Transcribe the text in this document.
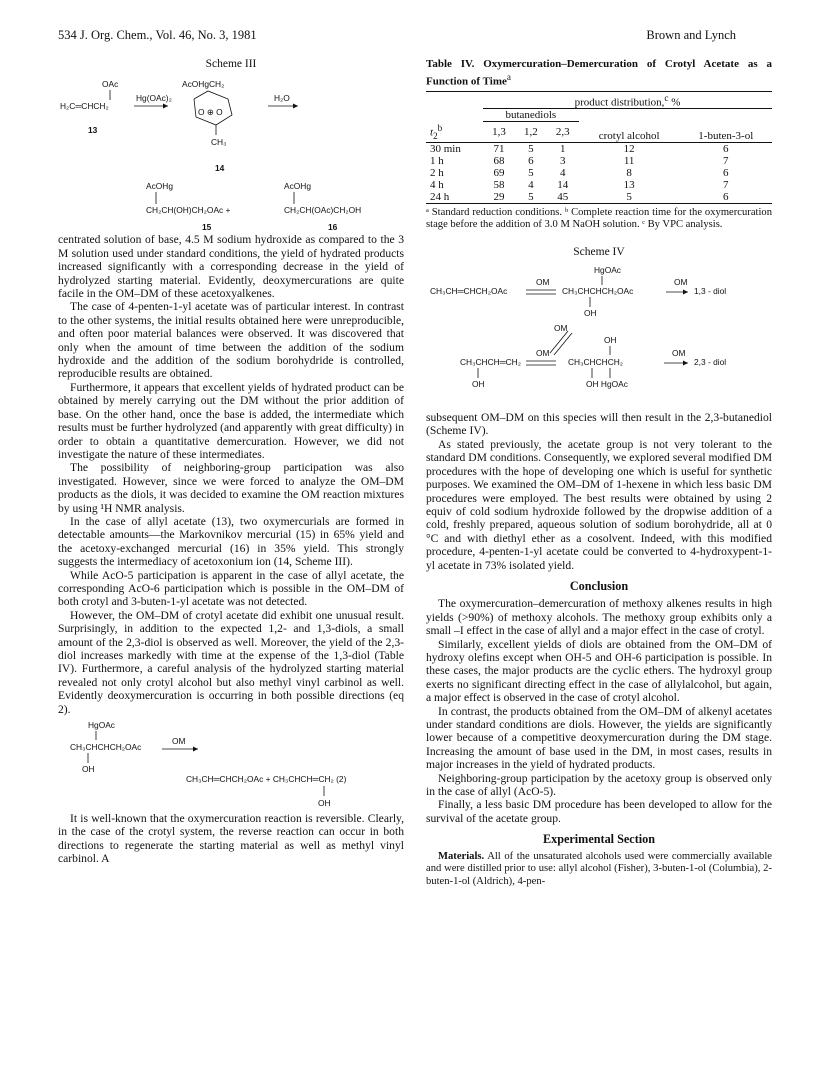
534 J. Org. Chem., Vol. 46, No. 3, 1981	Brown and Lynch
Scheme III
OAc
H₂C═CHCH₂
13
Hg(OAc)₂
AcOHgCH₂
O ⊕ O
CH₃
H₂O
14
AcOHg
CH₂CH(OH)CH₂OAc +
AcOHg
CH₂CH(OAc)CH₂OH
15	16

centrated solution of base, 4.5 M sodium hydroxide as compared to the 3 M solution used under standard conditions, the yield of hydrated products increased significantly with a corresponding decrease in the yield of hydrolyzed starting material. Evidently, deoxymercurations are quite facile in the OM–DM of these acetoxyalkenes.

The case of 4-penten-1-yl acetate was of particular interest. In contrast to the other systems, the initial results obtained here were unreproducible, and often poor material balances were observed. It was discovered that only when the amount of time between the addition of the sodium hydroxide and the addition of the sodium borohydride is controlled, reproducible results are obtained.

Furthermore, it appears that excellent yields of hydrated product can be obtained by merely carrying out the DM without the prior addition of base. On the other hand, once the base is added, the intermediate which results must be further hydrolyzed (and apparently with great difficulty) in order to obtain a quantitative demercuration. However, we did not investigate the nature of these intermediates.

The possibility of neighboring-group participation was also investigated. However, since we were forced to analyze the OM–DM products as the diols, it was decided to examine the OM reaction mixtures by using ¹H NMR analysis.

In the case of allyl acetate (13), two oxymercurials are formed in detectable amounts—the Markovnikov mercurial (15) in 65% yield and the acetoxy-exchanged mercurial (16) in 35% yield. This strongly suggests the intermediacy of acetoxonium ion (14, Scheme III).

While AcO-5 participation is apparent in the case of allyl acetate, the corresponding AcO-6 participation which is possible in the OM–DM of both crotyl and 3-buten-1-yl acetate was not detected.

However, the OM–DM of crotyl acetate did exhibit one unusual result. Surprisingly, in addition to the expected 1,2- and 1,3-diols, a small amount of the 2,3-diol is observed as well. Moreover, the yield of the 2,3-diol increases markedly with time at the expense of the 1,3-diol (Table IV). Furthermore, a careful analysis of the hydrolyzed starting material revealed not only crotyl alcohol but also methyl vinyl carbinol as well. Evidently deoxymercuration is occurring in both possible directions (eq 2).

HgOAc
CH₃CHCHCH₂OAc
OH
OM
CH₃CH═CHCH₂OAc + CH₃CHCH═CH₂ (2)
OH

It is well-known that the oxymercuration reaction is reversible. Clearly, in the case of the crotyl system, the reverse reaction can occur in both directions to regenerate the starting material as well as methyl vinyl carbinol. A

Table IV. Oxymercuration–Demercuration of Crotyl Acetate as a Function of Time$^a$
	product distribution,$^c$ %				
	butanediols			crotyl alcohol	1-buten-3-ol
$t_2^b$	1,3	1,2	2,3		
30 min	71	5	1	12	6
1 h	68	6	3	11	7
2 h	69	5	4	8	6
4 h	58	4	14	13	7
24 h	29	5	45	5	6
ᵃ Standard reduction conditions. ᵇ Complete reaction time for the oxymercuration stage before the addition of 3.0 M NaOH solution. ᶜ By VPC analysis.
Scheme IV
HgOAc
CH₃CH═CHCH₂OAc
OM
CH₃CHCHCH₂OAc
OM
1,3 - diol
OH
OM
OH
CH₃CHCH═CH₂
OM
CH₃CHCHCH₂
OM
2,3 - diol
OH	OH HgOAc

subsequent OM–DM on this species will then result in the 2,3-butanediol (Scheme IV).

As stated previously, the acetate group is not very tolerant to the standard DM conditions. Consequently, we explored several modified DM procedures with the hope of developing one which is useful for synthetic purposes. We examined the OM–DM of 1-hexene in which less basic DM procedures were employed. The best results were obtained by using 2 equiv of cold sodium hydroxide followed by the dropwise addition of a cold, freshly prepared, aqueous solution of sodium borohydride, all at 0 °C and with diethyl ether as a cosolvent. Indeed, with this modified procedure, 4-penten-1-yl acetate could be converted to 4-hydroxypent-1-yl acetate in 73% isolated yield.

Conclusion

The oxymercuration–demercuration of methoxy alkenes results in high yields (>90%) of methoxy alcohols. The methoxy group exhibits only a small –I effect in the case of allyl and a major effect in the case of crotyl.

Similarly, excellent yields of diols are obtained from the OM–DM of hydroxy olefins except when OH-5 and OH-6 participation is possible. In these cases, the major products are the cyclic ethers. The hydroxyl group exerts no significant directing effect in the case of allylalcohol, but again, a major effect is observed in the case of crotyl alcohol.

In contrast, the products obtained from the OM–DM of alkenyl acetates under standard conditions are diols. However, the yields are significantly lower because of a competitive deoxymercuration during the DM stage. Increasing the amount of base used in the DM, in most cases, results in major increases in the yield of hydrated products.

Neighboring-group participation by the acetoxy group is observed only in the case of allyl (AcO-5).

Finally, a less basic DM procedure has been developed to allow for the survival of the acetate group.

Experimental Section

Materials. All of the unsaturated alcohols used were commercially available and were distilled prior to use: allyl alcohol (Fisher), 3-buten-1-ol (Columbia), 2-buten-1-ol (Aldrich), 4-pen-
